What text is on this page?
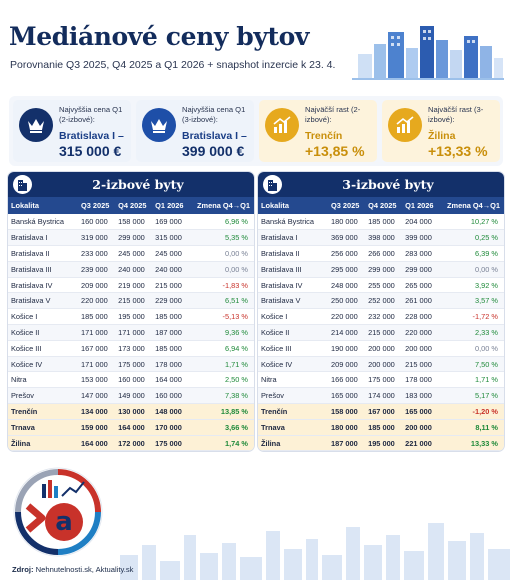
Mediánové ceny bytov
Porovnanie Q3 2025, Q4 2025 a Q1 2026 + snapshot inzercie k 23. 4.
Najvyššia cena Q1 (2-izbové):
Bratislava I –
315 000 €
Najvyššia cena Q1 (3-izbové):
Bratislava I –
399 000 €
Najväčší rast (2-izbové):
Trenčín
+13,85 %
Najväčší rast (3-izbové):
Žilina
+13,33 %
2-izbové byty
Lokalita	Q3 2025	Q4 2025	Q1 2026	Zmena Q4→Q1
Banská Bystrica	160 000	158 000	169 000	6,96 %
Bratislava I	319 000	299 000	315 000	5,35 %
Bratislava II	233 000	245 000	245 000	0,00 %
Bratislava III	239 000	240 000	240 000	0,00 %
Bratislava IV	209 000	219 000	215 000	-1,83 %
Bratislava V	220 000	215 000	229 000	6,51 %
Košice I	185 000	195 000	185 000	-5,13 %
Košice II	171 000	171 000	187 000	9,36 %
Košice III	167 000	173 000	185 000	6,94 %
Košice IV	171 000	175 000	178 000	1,71 %
Nitra	153 000	160 000	164 000	2,50 %
Prešov	147 000	149 000	160 000	7,38 %
Trenčín	134 000	130 000	148 000	13,85 %
Trnava	159 000	164 000	170 000	3,66 %
Žilina	164 000	172 000	175 000	1,74 %
3-izbové byty
Lokalita	Q3 2025	Q4 2025	Q1 2026	Zmena Q4→Q1
Banská Bystrica	180 000	185 000	204 000	10,27 %
Bratislava I	369 000	398 000	399 000	0,25 %
Bratislava II	256 000	266 000	283 000	6,39 %
Bratislava III	295 000	299 000	299 000	0,00 %
Bratislava IV	248 000	255 000	265 000	3,92 %
Bratislava V	250 000	252 000	261 000	3,57 %
Košice I	220 000	232 000	228 000	-1,72 %
Košice II	214 000	215 000	220 000	2,33 %
Košice III	190 000	200 000	200 000	0,00 %
Košice IV	209 000	200 000	215 000	7,50 %
Nitra	166 000	175 000	178 000	1,71 %
Prešov	165 000	174 000	183 000	5,17 %
Trenčín	158 000	167 000	165 000	-1,20 %
Trnava	180 000	185 000	200 000	8,11 %
Žilina	187 000	195 000	221 000	13,33 %
a
Zdroj: Nehnutelnosti.sk, Aktuality.sk
